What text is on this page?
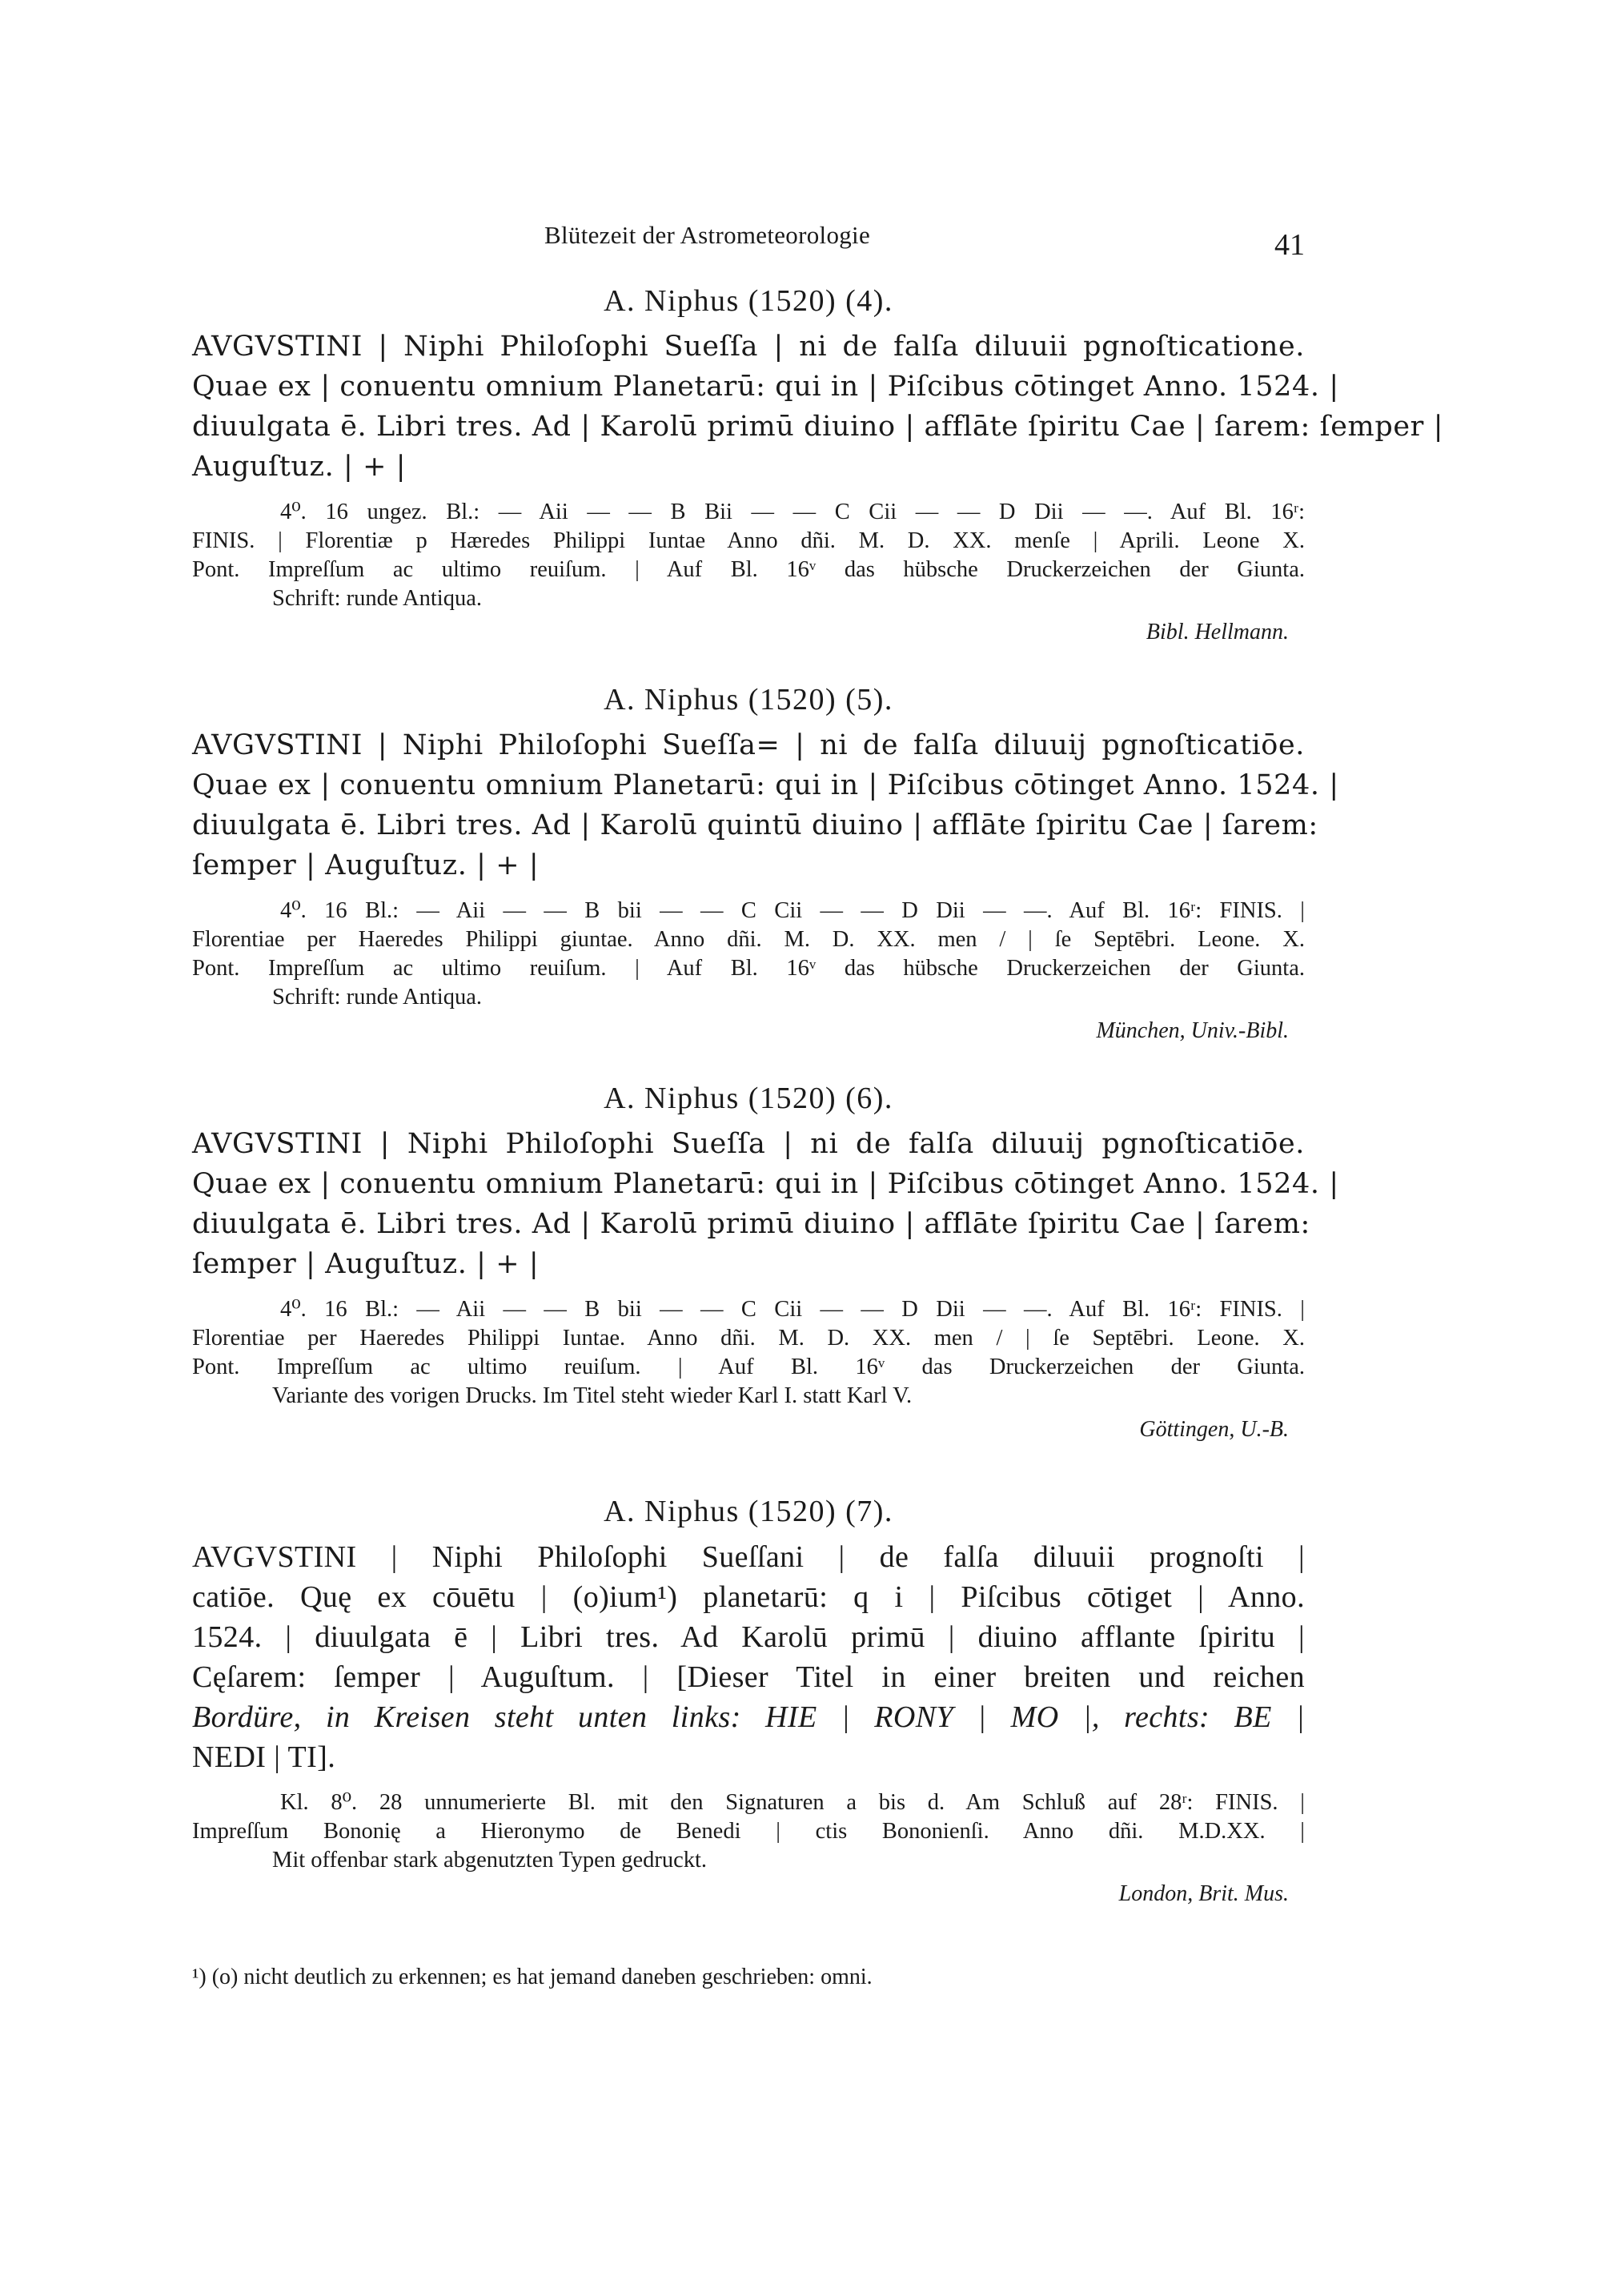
Blütezeit der Astrometeorologie	41
A. Niphus (1520) (4).
AVGVSTINI | Niphi Philoſophi Sueſſa | ni de falſa diluuii pgnoſticatione.
Quae ex | conuentu omnium Planetarū: qui in | Piſcibus cōtinget Anno. 1524. |
diuulgata ē. Libri tres. Ad | Karolū primū diuino | afflāte ſpiritu Cae | ſarem: ſemper |
Auguſtuz. | + |
4⁰. 16 ungez. Bl.: — Aii — — B Bii — — C Cii — — D Dii — —. Auf Bl. 16ʳ:
FINIS. | Florentiæ p Hæredes Philippi Iuntae Anno dñi. M. D. XX. menſe | Aprili. Leone X.
Pont. Impreſſum ac ultimo reuiſum. | Auf Bl. 16ᵛ das hübsche Druckerzeichen der Giunta.
Schrift: runde Antiqua.
Bibl. Hellmann.
A. Niphus (1520) (5).
AVGVSTINI | Niphi Philoſophi Sueſſa= | ni de falſa diluuij pgnoſticatiōe.
Quae ex | conuentu omnium Planetarū: qui in | Piſcibus cōtinget Anno. 1524. |
diuulgata ē. Libri tres. Ad | Karolū quintū diuino | afflāte ſpiritu Cae | ſarem:
ſemper | Auguſtuz. | + |
4⁰. 16 Bl.: — Aii — — B bii — — C Cii — — D Dii — —. Auf Bl. 16ʳ: FINIS. |
Florentiae per Haeredes Philippi giuntae. Anno dñi. M. D. XX. men / | ſe Septēbri. Leone. X.
Pont. Impreſſum ac ultimo reuiſum. | Auf Bl. 16ᵛ das hübsche Druckerzeichen der Giunta.
Schrift: runde Antiqua.
München, Univ.-Bibl.
A. Niphus (1520) (6).
AVGVSTINI | Niphi Philoſophi Sueſſa | ni de falſa diluuij pgnoſticatiōe.
Quae ex | conuentu omnium Planetarū: qui in | Piſcibus cōtinget Anno. 1524. |
diuulgata ē. Libri tres. Ad | Karolū primū diuino | afflāte ſpiritu Cae | ſarem:
ſemper | Auguſtuz. | + |
4⁰. 16 Bl.: — Aii — — B bii — — C Cii — — D Dii — —. Auf Bl. 16ʳ: FINIS. |
Florentiae per Haeredes Philippi Iuntae. Anno dñi. M. D. XX. men / | ſe Septēbri. Leone. X.
Pont. Impreſſum ac ultimo reuiſum. | Auf Bl. 16ᵛ das Druckerzeichen der Giunta.
Variante des vorigen Drucks. Im Titel steht wieder Karl I. statt Karl V.
Göttingen, U.-B.
A. Niphus (1520) (7).
AVGVSTINI | Niphi Philoſophi Sueſſani | de falſa diluuii prognoſti |
catiōe. Quę ex cōuētu | (o)ium¹) planetarū: q i | Piſcibus cōtiget | Anno.
1524. | diuulgata ē | Libri tres. Ad Karolū primū | diuino afflante ſpiritu |
Cęſarem: ſemper | Auguſtum. | [Dieser Titel in einer breiten und reichen
Bordüre, in Kreisen steht unten links: HIE | RONY | MO |, rechts: BE |
NEDI | TI].
Kl. 8⁰. 28 unnumerierte Bl. mit den Signaturen a bis d. Am Schluß auf 28ʳ: FINIS. |
Impreſſum Bononię a Hieronymo de Benedi | ctis Bononienſi. Anno dñi. M.D.XX. |
Mit offenbar stark abgenutzten Typen gedruckt.
London, Brit. Mus.
¹) (o) nicht deutlich zu erkennen; es hat jemand daneben geschrieben: omni.
